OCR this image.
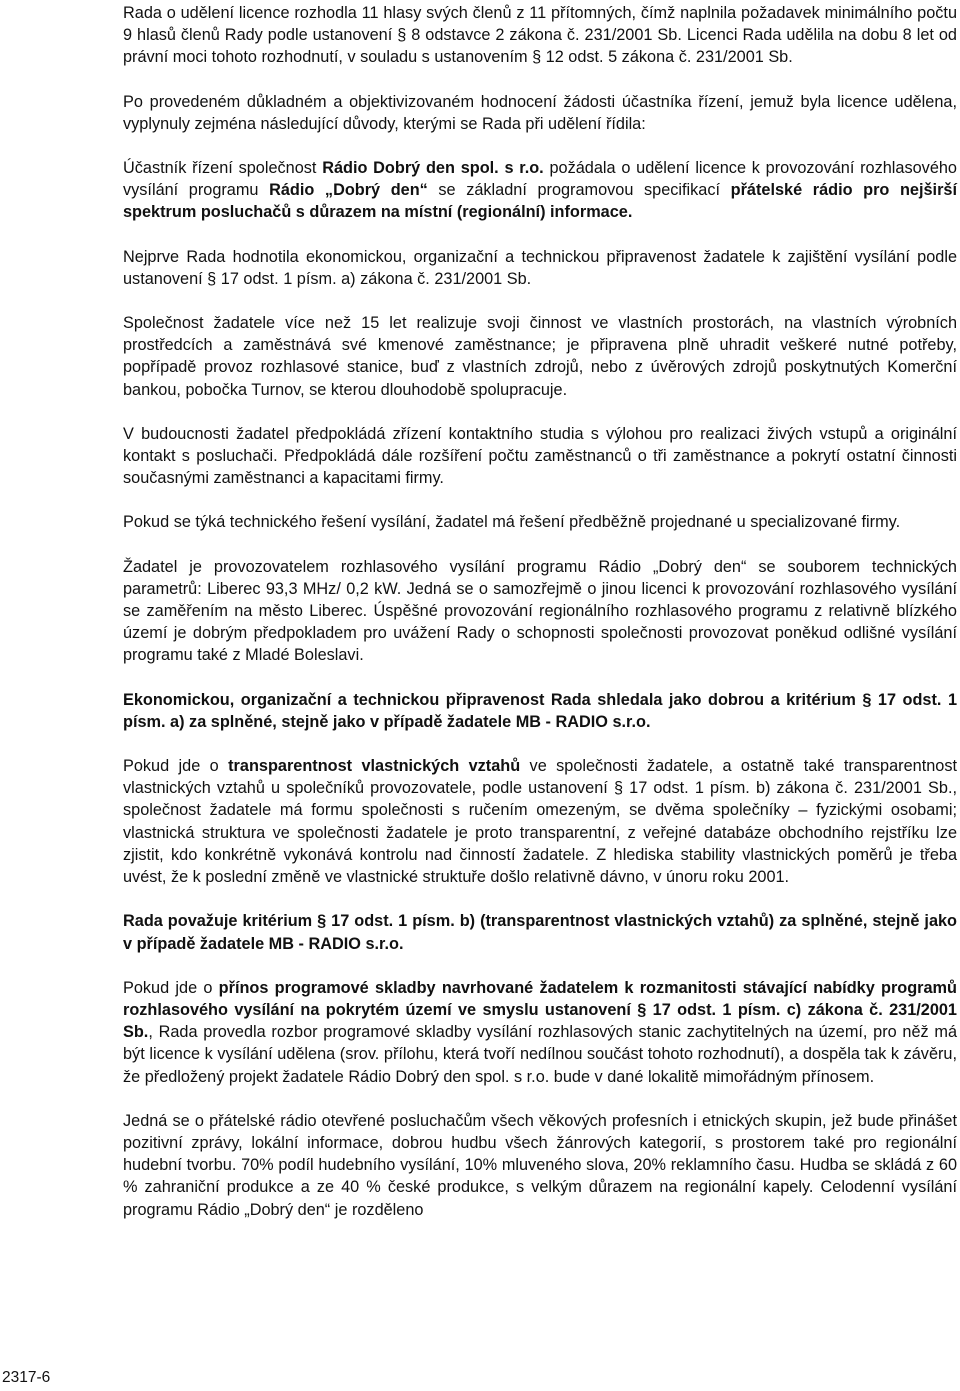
Rada o udělení licence rozhodla 11 hlasy svých členů z 11 přítomných, čímž naplnila požadavek minimálního počtu 9 hlasů členů Rady podle ustanovení § 8 odstavce 2 zákona č. 231/2001 Sb. Licenci Rada udělila na dobu 8 let od právní moci tohoto rozhodnutí, v souladu s ustanovením § 12 odst. 5 zákona č. 231/2001 Sb.

Po provedeném důkladném a objektivizovaném hodnocení žádosti účastníka řízení, jemuž byla licence udělena, vyplynuly zejména následující důvody, kterými se Rada při udělení řídila:

Účastník řízení společnost Rádio Dobrý den spol. s r.o. požádala o udělení licence k provozování rozhlasového vysílání programu Rádio „Dobrý den“ se základní programovou specifikací přátelské rádio pro nejširší spektrum posluchačů s důrazem na místní (regionální) informace.

Nejprve Rada hodnotila ekonomickou, organizační a technickou připravenost žadatele k zajištění vysílání podle ustanovení § 17 odst. 1 písm. a) zákona č. 231/2001 Sb.

Společnost žadatele více než 15 let realizuje svoji činnost ve vlastních prostorách, na vlastních výrobních prostředcích a zaměstnává své kmenové zaměstnance; je připravena plně uhradit veškeré nutné potřeby, popřípadě provoz rozhlasové stanice, buď z vlastních zdrojů, nebo z úvěrových zdrojů poskytnutých Komerční bankou, pobočka Turnov, se kterou dlouhodobě spolupracuje.

V budoucnosti žadatel předpokládá zřízení kontaktního studia s výlohou pro realizaci živých vstupů a originální kontakt s posluchači. Předpokládá dále rozšíření počtu zaměstnanců o tři zaměstnance a pokrytí ostatní činnosti současnými zaměstnanci a kapacitami firmy.

Pokud se týká technického řešení vysílání, žadatel má řešení předběžně projednané u specializované firmy.

Žadatel je provozovatelem rozhlasového vysílání programu Rádio „Dobrý den“ se souborem technických parametrů: Liberec 93,3 MHz/ 0,2 kW. Jedná se o samozřejmě o jinou licenci k provozování rozhlasového vysílání se zaměřením na město Liberec. Úspěšné provozování regionálního rozhlasového programu z relativně blízkého území je dobrým předpokladem pro uvážení Rady o schopnosti společnosti provozovat poněkud odlišné vysílání programu také z Mladé Boleslavi.

Ekonomickou, organizační a technickou připravenost Rada shledala jako dobrou a kritérium § 17 odst. 1 písm. a) za splněné, stejně jako v případě žadatele MB - RADIO s.r.o.

Pokud jde o transparentnost vlastnických vztahů ve společnosti žadatele, a ostatně také transparentnost vlastnických vztahů u společníků provozovatele, podle ustanovení § 17 odst. 1 písm. b) zákona č. 231/2001 Sb., společnost žadatele má formu společnosti s ručením omezeným, se dvěma společníky – fyzickými osobami; vlastnická struktura ve společnosti žadatele je proto transparentní, z veřejné databáze obchodního rejstříku lze zjistit, kdo konkrétně vykonává kontrolu nad činností žadatele. Z hlediska stability vlastnických poměrů je třeba uvést, že k poslední změně ve vlastnické struktuře došlo relativně dávno, v únoru roku 2001.

Rada považuje kritérium § 17 odst. 1 písm. b) (transparentnost vlastnických vztahů) za splněné, stejně jako v případě žadatele MB - RADIO s.r.o.

Pokud jde o přínos programové skladby navrhované žadatelem k rozmanitosti stávající nabídky programů rozhlasového vysílání na pokrytém území ve smyslu ustanovení § 17 odst. 1 písm. c) zákona č. 231/2001 Sb., Rada provedla rozbor programové skladby vysílání rozhlasových stanic zachytitelných na území, pro něž má být licence k vysílání udělena (srov. přílohu, která tvoří nedílnou součást tohoto rozhodnutí), a dospěla tak k závěru, že předložený projekt žadatele Rádio Dobrý den spol. s r.o. bude v dané lokalitě mimořádným přínosem.

Jedná se o přátelské rádio otevřené posluchačům všech věkových profesních i etnických skupin, jež bude přinášet pozitivní zprávy, lokální informace, dobrou hudbu všech žánrových kategorií, s prostorem také pro regionální hudební tvorbu. 70% podíl hudebního vysílání, 10% mluveného slova, 20% reklamního času. Hudba se skládá z 60 % zahraniční produkce a ze 40 % české produkce, s velkým důrazem na regionální kapely. Celodenní vysílání programu Rádio „Dobrý den“ je rozděleno

2317-6
